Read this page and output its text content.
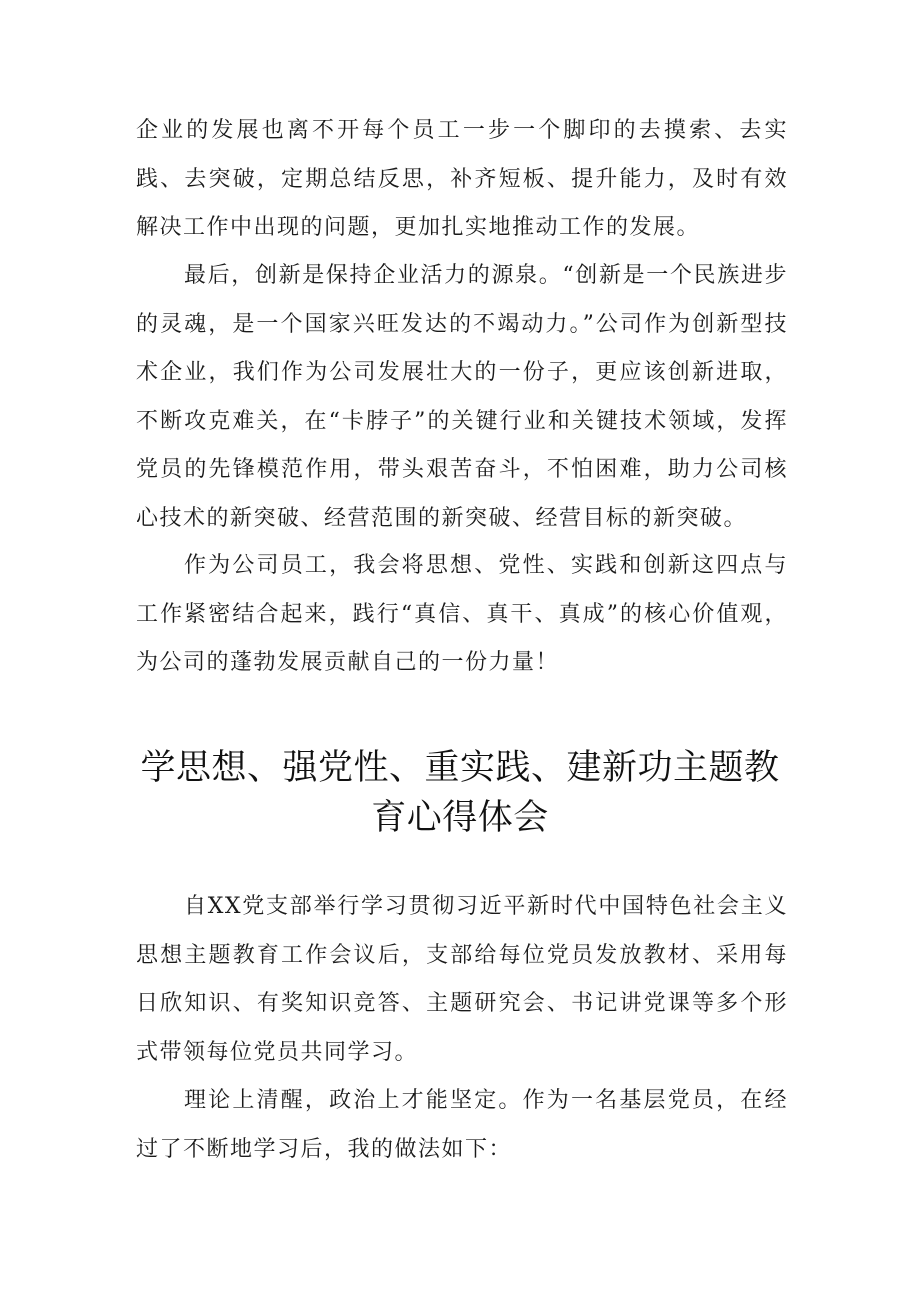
企业的发展也离不开每个员工一步一个脚印的去摸索、去实践、去突破，定期总结反思，补齐短板、提升能力，及时有效解决工作中出现的问题，更加扎实地推动工作的发展。

最后，创新是保持企业活力的源泉。“创新是一个民族进步的灵魂，是一个国家兴旺发达的不竭动力。”公司作为创新型技术企业，我们作为公司发展壮大的一份子，更应该创新进取，不断攻克难关，在“卡脖子”的关键行业和关键技术领域，发挥党员的先锋模范作用，带头艰苦奋斗，不怕困难，助力公司核心技术的新突破、经营范围的新突破、经营目标的新突破。

作为公司员工，我会将思想、党性、实践和创新这四点与工作紧密结合起来，践行“真信、真干、真成”的核心价值观，为公司的蓬勃发展贡献自己的一份力量！

学思想、强党性、重实践、建新功主题教
育心得体会

自XX党支部举行学习贯彻习近平新时代中国特色社会主义思想主题教育工作会议后，支部给每位党员发放教材、采用每日欣知识、有奖知识竞答、主题研究会、书记讲党课等多个形式带领每位党员共同学习。

理论上清醒，政治上才能坚定。作为一名基层党员，在经过了不断地学习后，我的做法如下：
